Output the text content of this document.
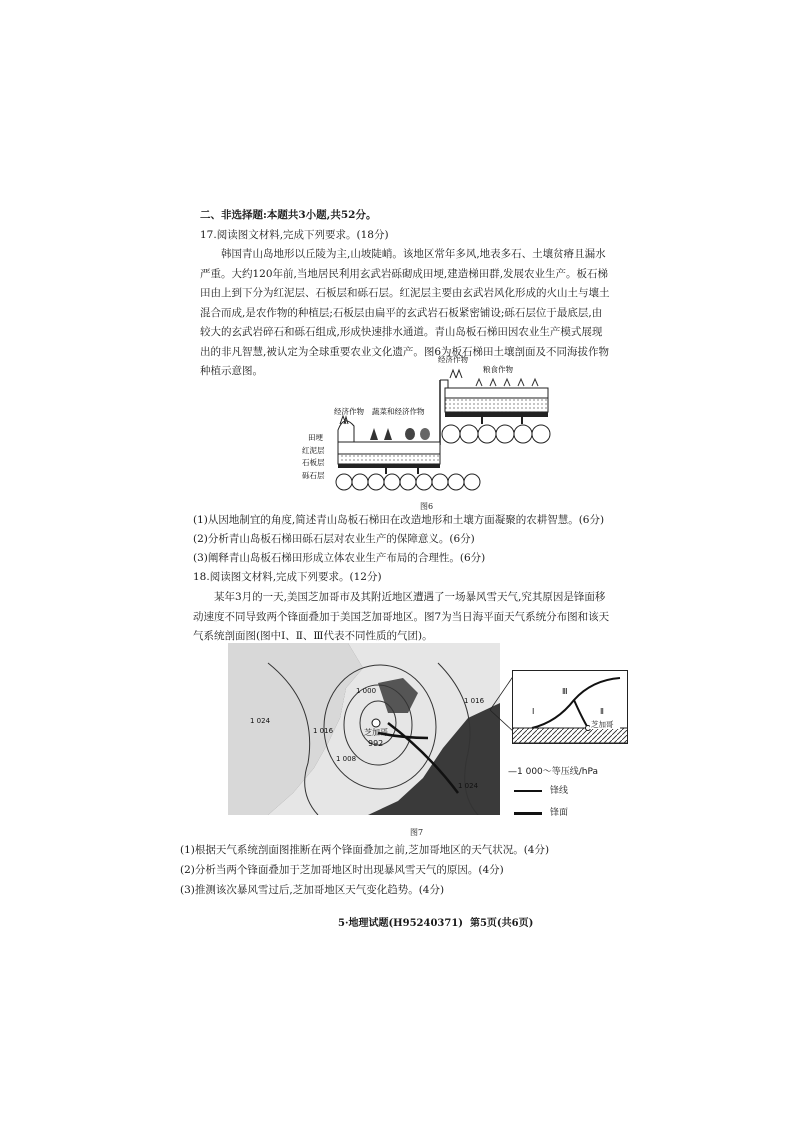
二、非选择题:本题共3小题,共52分。
17.阅读图文材料,完成下列要求。(18分)

韩国青山岛地形以丘陵为主,山坡陡峭。该地区常年多风,地表多石、土壤贫瘠且漏水严重。大约120年前,当地居民利用玄武岩砾砌成田埂,建造梯田群,发展农业生产。板石梯田由上到下分为红泥层、石板层和砾石层。红泥层主要由玄武岩风化形成的火山土与壤土混合而成,是农作物的种植层;石板层由扁平的玄武岩石板紧密铺设;砾石层位于最底层,由较大的玄武岩碎石和砾石组成,形成快速排水通道。青山岛板石梯田因农业生产模式展现出的非凡智慧,被认定为全球重要农业文化遗产。图6为板石梯田土壤剖面及不同海拔作物种植示意图。

经济作物
粮食作物
经济作物 蔬菜和经济作物
田埂
红泥层
石板层
砾石层
图6
(1)从因地制宜的角度,简述青山岛板石梯田在改造地形和土壤方面凝聚的农耕智慧。(6分)
(2)分析青山岛板石梯田砾石层对农业生产的保障意义。(6分)
(3)阐释青山岛板石梯田形成立体农业生产布局的合理性。(6分)
18.阅读图文材料,完成下列要求。(12分)

某年3月的一天,美国芝加哥市及其附近地区遭遇了一场暴风雪天气,究其原因是锋面移动速度不同导致两个锋面叠加于美国芝加哥地区。图7为当日海平面天气系统分布图和该天气系统剖面图(图中Ⅰ、Ⅱ、Ⅲ代表不同性质的气团)。

1 024
1 016
1 008
1 000
1 016
1 024
芝加哥
992
Ⅰ	Ⅱ
Ⅲ
芝加哥
—1 000～等压线/hPa
锋线
锋面
图7
(1)根据天气系统剖面图推断在两个锋面叠加之前,芝加哥地区的天气状况。(4分)
(2)分析当两个锋面叠加于芝加哥地区时出现暴风雪天气的原因。(4分)
(3)推测该次暴风雪过后,芝加哥地区天气变化趋势。(4分)
5·地理试题(H95240371)  第5页(共6页)
